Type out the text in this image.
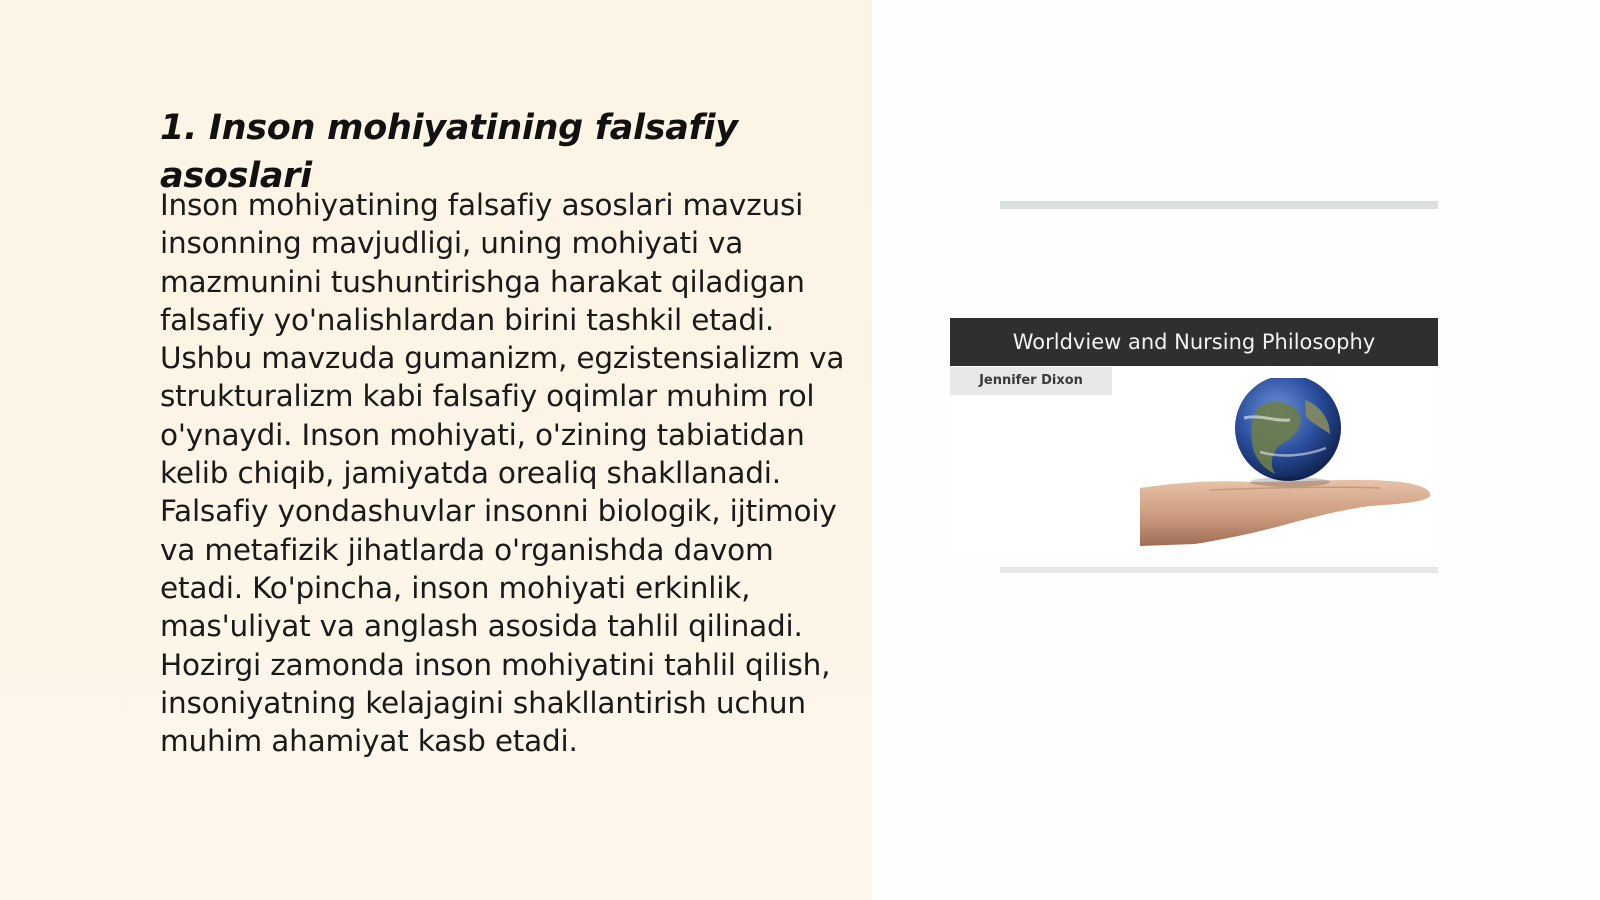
1. Inson mohiyatining falsafiy asoslari

Inson mohiyatining falsafiy asoslari mavzusi insonning mavjudligi, uning mohiyati va mazmunini tushuntirishga harakat qiladigan falsafiy yo'nalishlardan birini tashkil etadi. Ushbu mavzuda gumanizm, egzistensializm va strukturalizm kabi falsafiy oqimlar muhim rol o'ynaydi. Inson mohiyati, o'zining tabiatidan kelib chiqib, jamiyatda orealiq shakllanadi. Falsafiy yondashuvlar insonni biologik, ijtimoiy va metafizik jihatlarda o'rganishda davom etadi. Ko'pincha, inson mohiyati erkinlik, mas'uliyat va anglash asosida tahlil qilinadi. Hozirgi zamonda inson mohiyatini tahlil qilish, insoniyatning kelajagini shakllantirish uchun muhim ahamiyat kasb etadi.

Worldview and Nursing Philosophy
Jennifer Dixon
